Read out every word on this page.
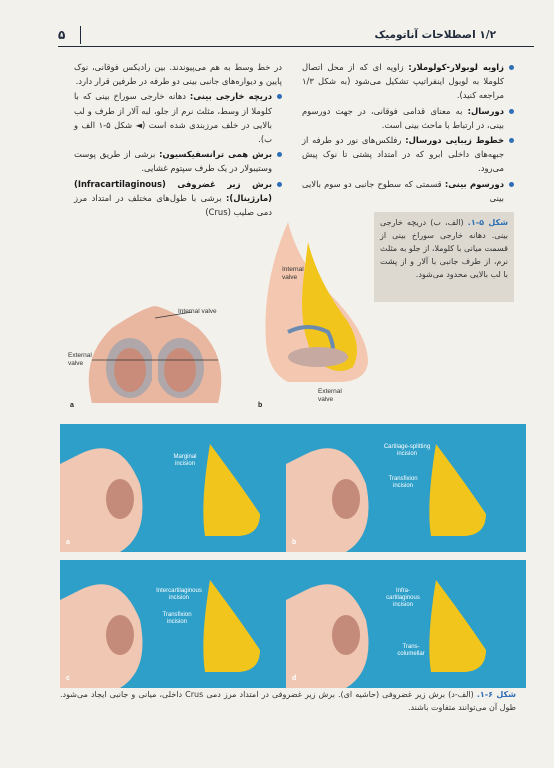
۵	۱/۲ اصطلاحات آناتومیک

زاویه لوبولار-کولوملار: زاویه ای که از محل اتصال کلوملا به لوبول اینفراتیپ تشکیل می‌شود (به شکل ۱/۳ مراجعه کنید).

دورسال: به معنای قدامی فوقانی، در جهت دورسوم بینی، در ارتباط با ماحث بینی است.

خطوط زیبایی دورسال: رفلکس‌های نور دو طرفه از جبهه‌های داخلی ابرو که در امتداد پشتی تا نوک پیش می‌رود.

دورسوم بینی: قسمتی که سطوح جانبی دو سوم بالایی بینی

در خط وسط به هم می‌پیوندند. بین رادیکس فوقانی، نوک پایین و دیواره‌های جانبی بینی دو طرفه در طرفین قرار دارد.

دریچه خارجی بینی: دهانه خارجی سوراخ بینی که با کلوملا از وسط، مثلث نرم از جلو، لبه آلار از طرف و لب بالایی در خلف مرزبندی شده است (◄ شکل ۵-۱ الف و ب).

برش همی ترانسفیکسیون: برشی از طریق پوست وستیبولار در یک طرف سپتوم غشایی.

برش زیر غضروفی (Infracartilaginous) (مارژینال): برشی با طول‌های مختلف در امتداد مرز دمی صلیب (Crus)

شکل ۵-۱. (الف، ب) دریچه خارجی بینی. دهانه خارجی سوراخ بینی از قسمت میانی با کلوملا، از جلو به مثلث نرم، از طرف جانبی با آلار و از پشت با لب بالایی محدود می‌شود.
Internal valve
External
valve
a
Internal
valve
External
valve
b
Marginal
incision
a
Cartilage-splitting
incision
Transfixion
incision
b
Intercartilaginous
incision
Transfixion
incision
c
Infra-
cartilaginous
incision
Trans-
columellar
d
شکل ۶-۱. (الف-د) برش زیر غضروفی (حاشیه ای). برش زیر غضروفی در امتداد مرز دمی Crus داخلی، میانی و جانبی ایجاد می‌شود. طول آن می‌توانند متفاوت باشند.
